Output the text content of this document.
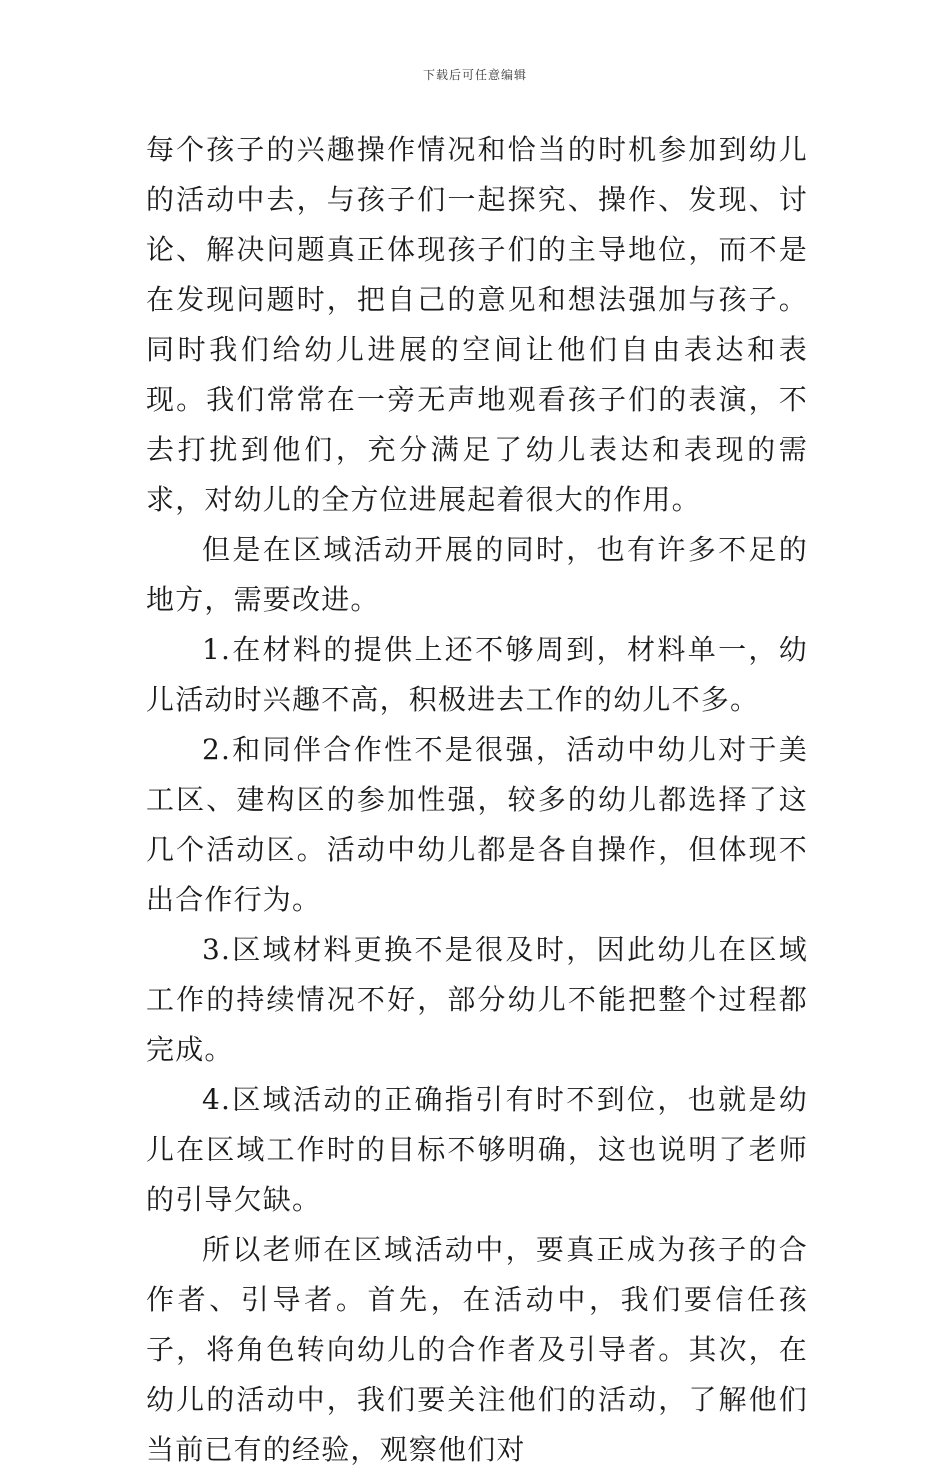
下载后可任意编辑

每个孩子的兴趣操作情况和恰当的时机参加到幼儿的活动中去，与孩子们一起探究、操作、发现、讨论、解决问题真正体现孩子们的主导地位，而不是在发现问题时，把自己的意见和想法强加与孩子。同时我们给幼儿进展的空间让他们自由表达和表现。我们常常在一旁无声地观看孩子们的表演，不去打扰到他们，充分满足了幼儿表达和表现的需求，对幼儿的全方位进展起着很大的作用。

但是在区域活动开展的同时，也有许多不足的地方，需要改进。

1.在材料的提供上还不够周到，材料单一，幼儿活动时兴趣不高，积极进去工作的幼儿不多。

2.和同伴合作性不是很强，活动中幼儿对于美工区、建构区的参加性强，较多的幼儿都选择了这几个活动区。活动中幼儿都是各自操作，但体现不出合作行为。

3.区域材料更换不是很及时，因此幼儿在区域工作的持续情况不好，部分幼儿不能把整个过程都完成。

4.区域活动的正确指引有时不到位，也就是幼儿在区域工作时的目标不够明确，这也说明了老师的引导欠缺。

所以老师在区域活动中，要真正成为孩子的合作者、引导者。首先，在活动中，我们要信任孩子，将角色转向幼儿的合作者及引导者。其次，在幼儿的活动中，我们要关注他们的活动，了解他们当前已有的经验，观察他们对
